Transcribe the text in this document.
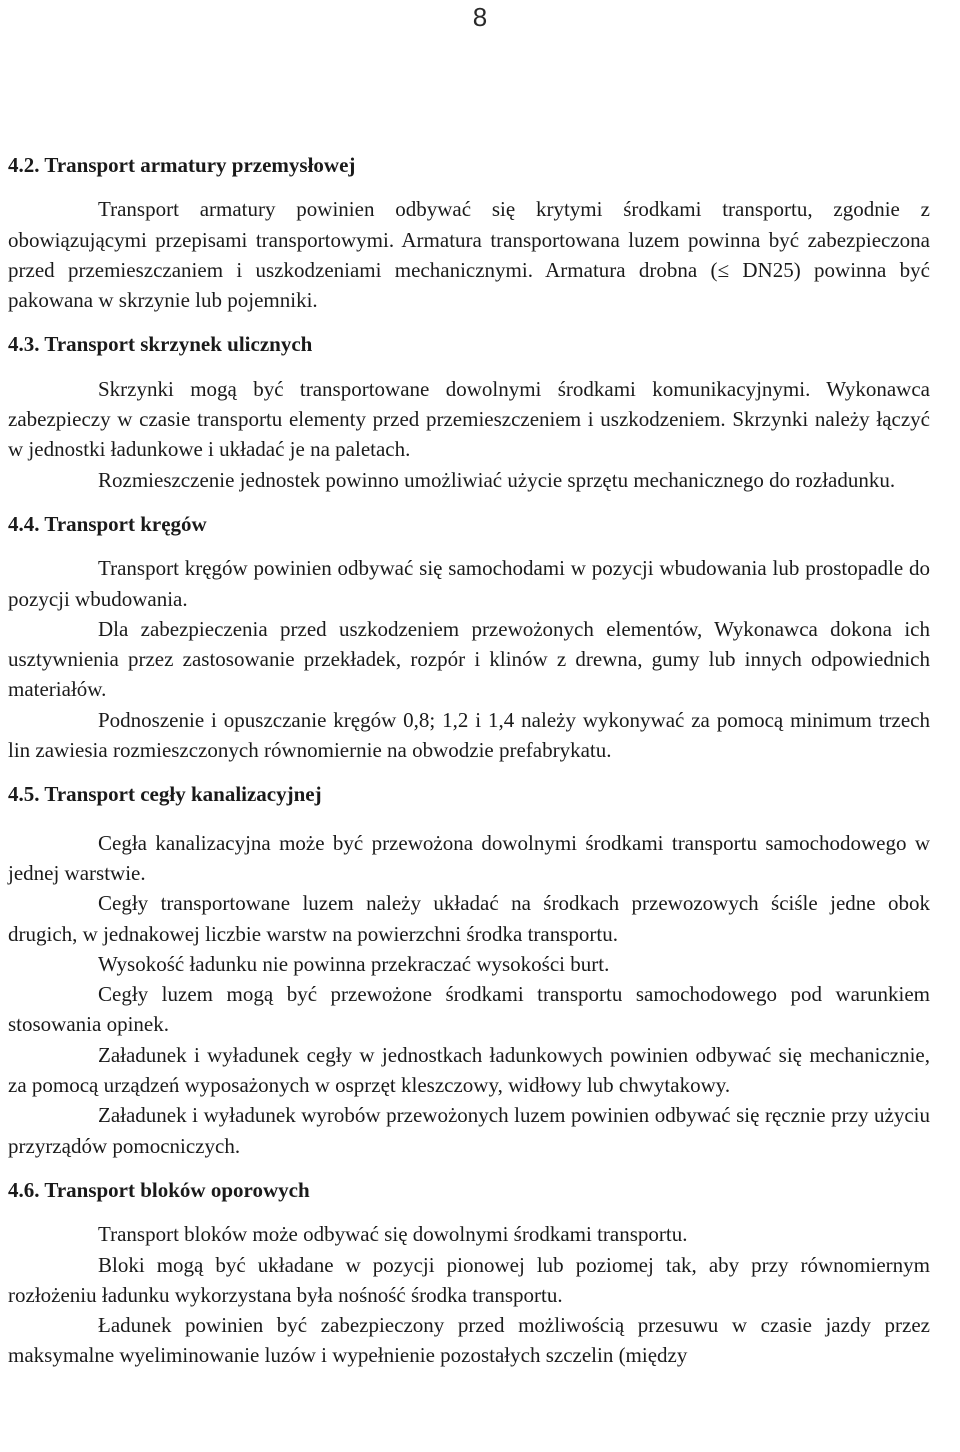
8
4.2. Transport armatury przemysłowej

Transport armatury powinien odbywać się krytymi środkami transportu, zgodnie z obowiązującymi przepisami transportowymi. Armatura transportowana luzem powinna być zabezpieczona przed przemieszczaniem i uszkodzeniami mechanicznymi. Armatura drobna (≤ DN25) powinna być pakowana w skrzynie lub pojemniki.

4.3. Transport skrzynek ulicznych

Skrzynki mogą być transportowane dowolnymi środkami komunikacyjnymi. Wykonawca zabezpieczy w czasie transportu elementy przed przemieszczeniem i uszkodzeniem. Skrzynki należy łączyć w jednostki ładunkowe i układać je na paletach.

Rozmieszczenie jednostek powinno umożliwiać użycie sprzętu mechanicznego do rozładunku.

4.4. Transport kręgów

Transport kręgów powinien odbywać się samochodami w pozycji wbudowania lub prostopadle do pozycji wbudowania.

Dla zabezpieczenia przed uszkodzeniem przewożonych elementów, Wykonawca dokona ich usztywnienia przez zastosowanie przekładek, rozpór i klinów z drewna, gumy lub innych odpowiednich materiałów.

Podnoszenie i opuszczanie kręgów 0,8; 1,2 i 1,4 należy wykonywać za pomocą minimum trzech lin zawiesia rozmieszczonych równomiernie na obwodzie prefabrykatu.

4.5. Transport cegły kanalizacyjnej

Cegła kanalizacyjna może być przewożona dowolnymi środkami transportu samochodowego w jednej warstwie.

Cegły transportowane luzem należy układać na środkach przewozowych ściśle jedne obok drugich, w jednakowej liczbie warstw na powierzchni środka transportu.

Wysokość ładunku nie powinna przekraczać wysokości burt.

Cegły luzem mogą być przewożone środkami transportu samochodowego pod warunkiem stosowania opinek.

Załadunek i wyładunek cegły w jednostkach ładunkowych powinien odbywać się mechanicznie, za pomocą urządzeń wyposażonych w osprzęt kleszczowy, widłowy lub chwytakowy.

Załadunek i wyładunek wyrobów przewożonych luzem powinien odbywać się ręcznie przy użyciu przyrządów pomocniczych.

4.6. Transport bloków oporowych

Transport bloków może odbywać się dowolnymi środkami transportu.

Bloki mogą być układane w pozycji pionowej lub poziomej tak, aby przy równomiernym rozłożeniu ładunku wykorzystana była nośność środka transportu.

Ładunek powinien być zabezpieczony przed możliwością przesuwu w czasie jazdy przez maksymalne wyeliminowanie luzów i wypełnienie pozostałych szczelin (między
